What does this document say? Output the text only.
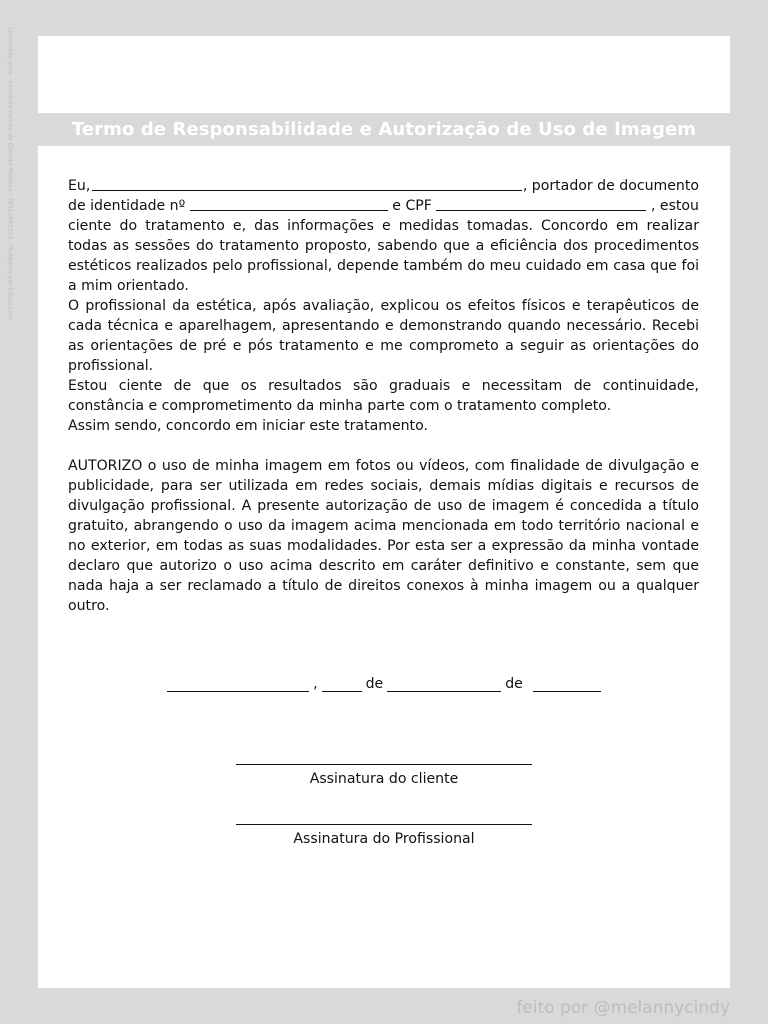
Licenciado para - Fernanda Pereira de Oliveira Pedrosa - 76311092318 - Protegido por Eduzz.com	Termo de Responsabilidade e Autorização de Uso de Imagem
Eu,	, portador de documento
de identidade nº	e CPF	, estou

ciente do tratamento e, das informações e medidas tomadas. Concordo em realizar todas as sessões do tratamento proposto, sabendo que a eficiência dos procedimentos estéticos realizados pelo profissional, depende também do meu cuidado em casa que foi a mim orientado.

O profissional da estética, após avaliação, explicou os efeitos físicos e terapêuticos de cada técnica e aparelhagem, apresentando e demonstrando quando necessário. Recebi as orientações de pré e pós tratamento e me comprometo a seguir as orientações do profissional.

Estou ciente de que os resultados são graduais e necessitam de continuidade, constância e comprometimento da minha parte com o tratamento completo.

Assim sendo, concordo em iniciar este tratamento.

AUTORIZO o uso de minha imagem em fotos ou vídeos, com finalidade de divulgação e publicidade, para ser utilizada em redes sociais, demais mídias digitais e recursos de divulgação profissional. A presente autorização de uso de imagem é concedida a título gratuito, abrangendo o uso da imagem acima mencionada em todo território nacional e no exterior, em todas as suas modalidades. Por esta ser a expressão da minha vontade declaro que autorizo o uso acima descrito em caráter definitivo e constante, sem que nada haja a ser reclamado a título de direitos conexos à minha imagem ou a qualquer outro.

,	de	de
Assinatura do cliente
Assinatura do Profissional
feito por @melannycindy
